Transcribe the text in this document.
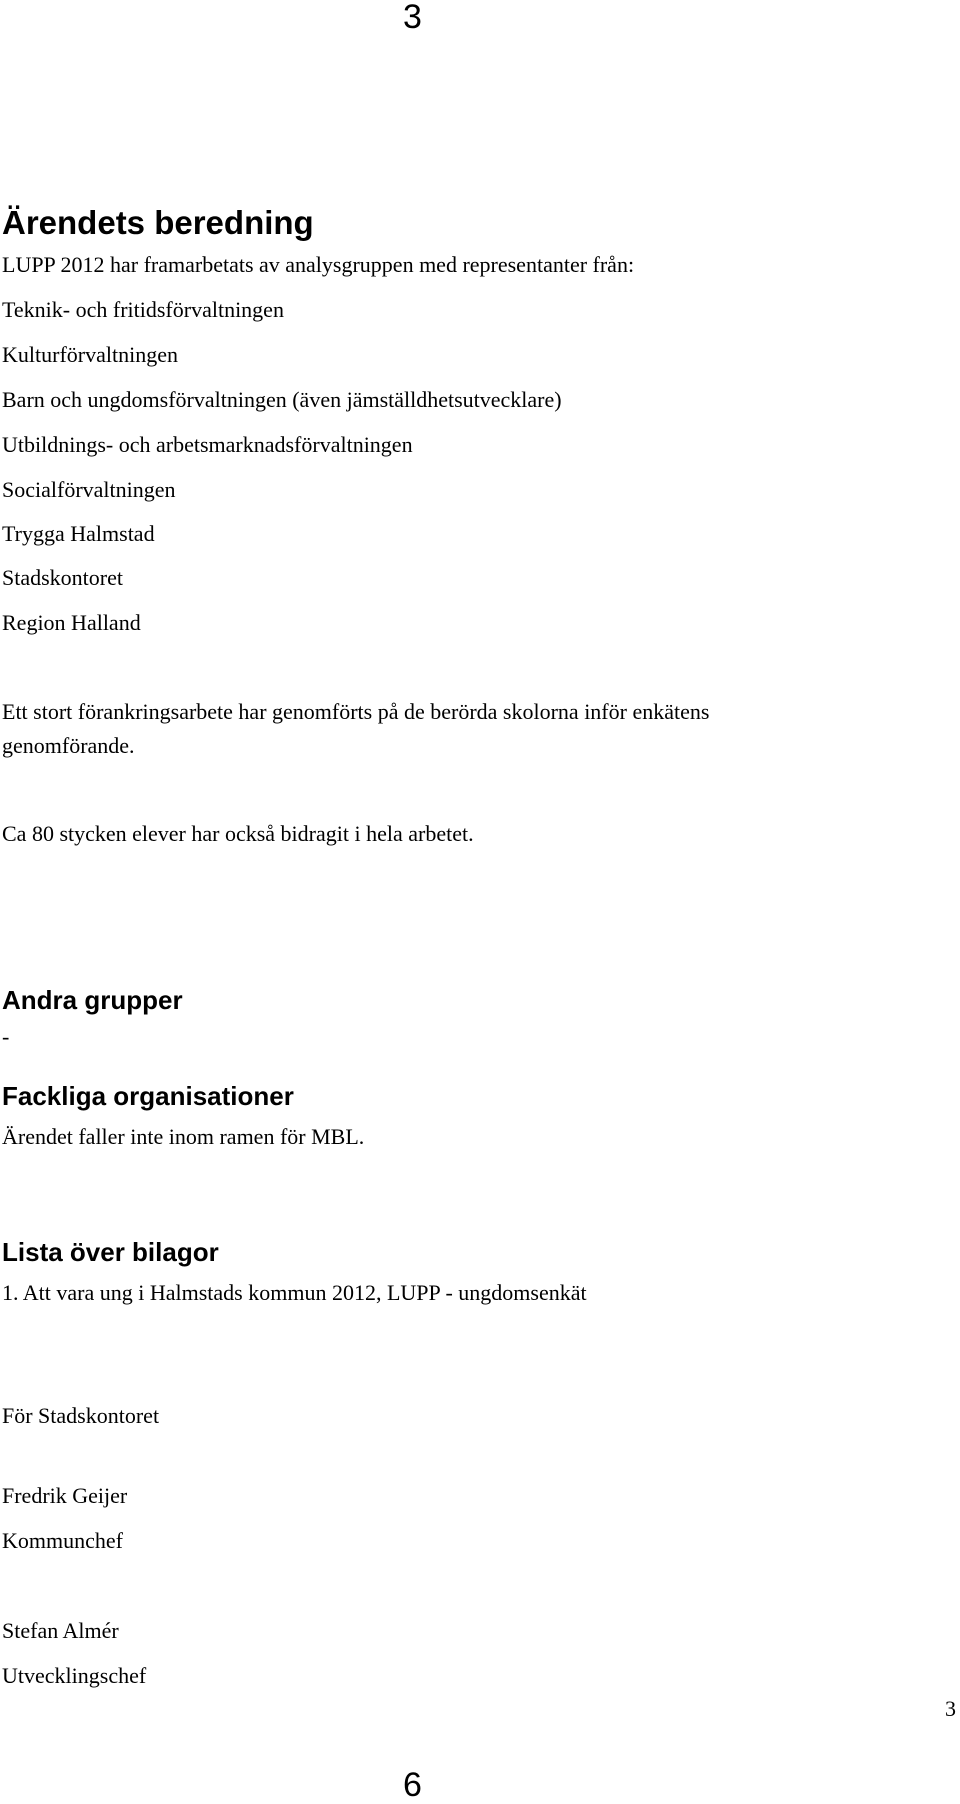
3
Ärendets beredning
LUPP 2012 har framarbetats av analysgruppen med representanter från:
Teknik- och fritidsförvaltningen
Kulturförvaltningen
Barn och ungdomsförvaltningen (även jämställdhetsutvecklare)
Utbildnings- och arbetsmarknadsförvaltningen
Socialförvaltningen
Trygga Halmstad
Stadskontoret
Region Halland
Ett stort förankringsarbete har genomförts på de berörda skolorna inför enkätens
genomförande.
Ca 80 stycken elever har också bidragit i hela arbetet.
Andra grupper
-
Fackliga organisationer
Ärendet faller inte inom ramen för MBL.
Lista över bilagor
1. Att vara ung i Halmstads kommun 2012, LUPP - ungdomsenkät
För Stadskontoret
Fredrik Geijer
Kommunchef
Stefan Almér
Utvecklingschef
3
6
